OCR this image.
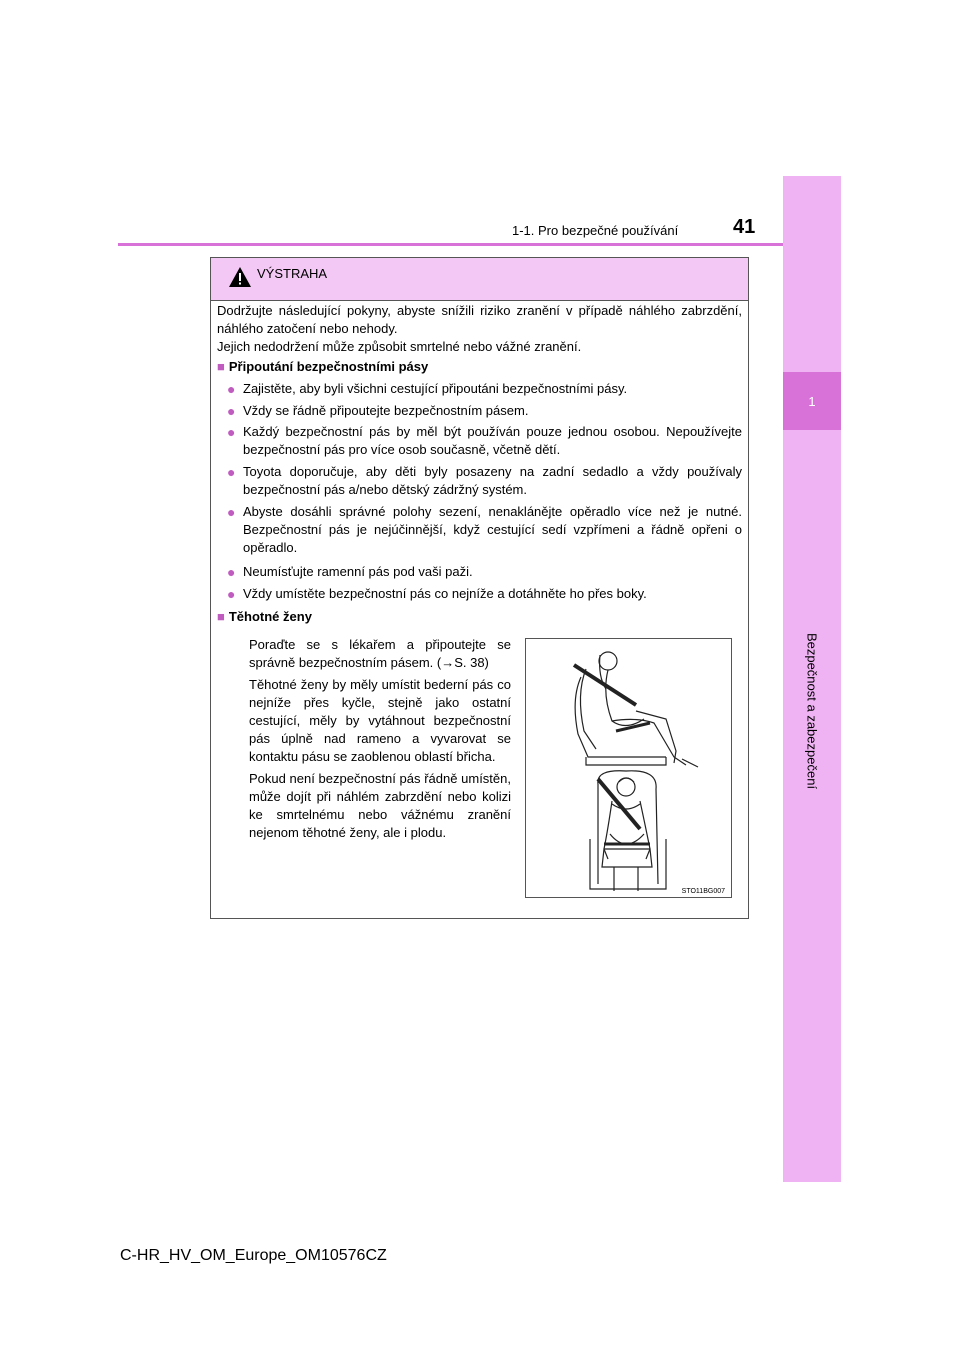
1
Bezpečnost a zabezpečení
1-1. Pro bezpečné používání	41
VÝSTRAHA
Dodržujte následující pokyny, abyste snížili riziko zranění v případě náhlého zabrzdění, náhlého zatočení nebo nehody.
Jejich nedodržení může způsobit smrtelné nebo vážné zranění.
■ Připoutání bezpečnostními pásy
● Zajistěte, aby byli všichni cestující připoutáni bezpečnostními pásy.
● Vždy se řádně připoutejte bezpečnostním pásem.
● Každý bezpečnostní pás by měl být používán pouze jednou osobou. Nepoužívejte bezpečnostní pás pro více osob současně, včetně dětí.
● Toyota doporučuje, aby děti byly posazeny na zadní sedadlo a vždy používaly bezpečnostní pás a/nebo dětský zádržný systém.
● Abyste dosáhli správné polohy sezení, nenaklánějte opěradlo více než je nutné. Bezpečnostní pás je nejúčinnější, když cestující sedí vzpřímeni a řádně opřeni o opěradlo.
● Neumísťujte ramenní pás pod vaši paži.
● Vždy umístěte bezpečnostní pás co nejníže a dotáhněte ho přes boky.
■ Těhotné ženy
Poraďte se s lékařem a připoutejte se správně bezpečnostním pásem. (→S. 38)
Těhotné ženy by měly umístit bederní pás co nejníže přes kyčle, stejně jako ostatní cestující, měly by vytáhnout bezpečnostní pás úplně nad rameno a vyvarovat se kontaktu pásu se zaoblenou oblastí břicha.
Pokud není bezpečnostní pás řádně umístěn, může dojít při náhlém zabrzdění nebo kolizi ke smrtelnému nebo vážnému zranění nejenom těhotné ženy, ale i plodu.
STO11BG007
C-HR_HV_OM_Europe_OM10576CZ
